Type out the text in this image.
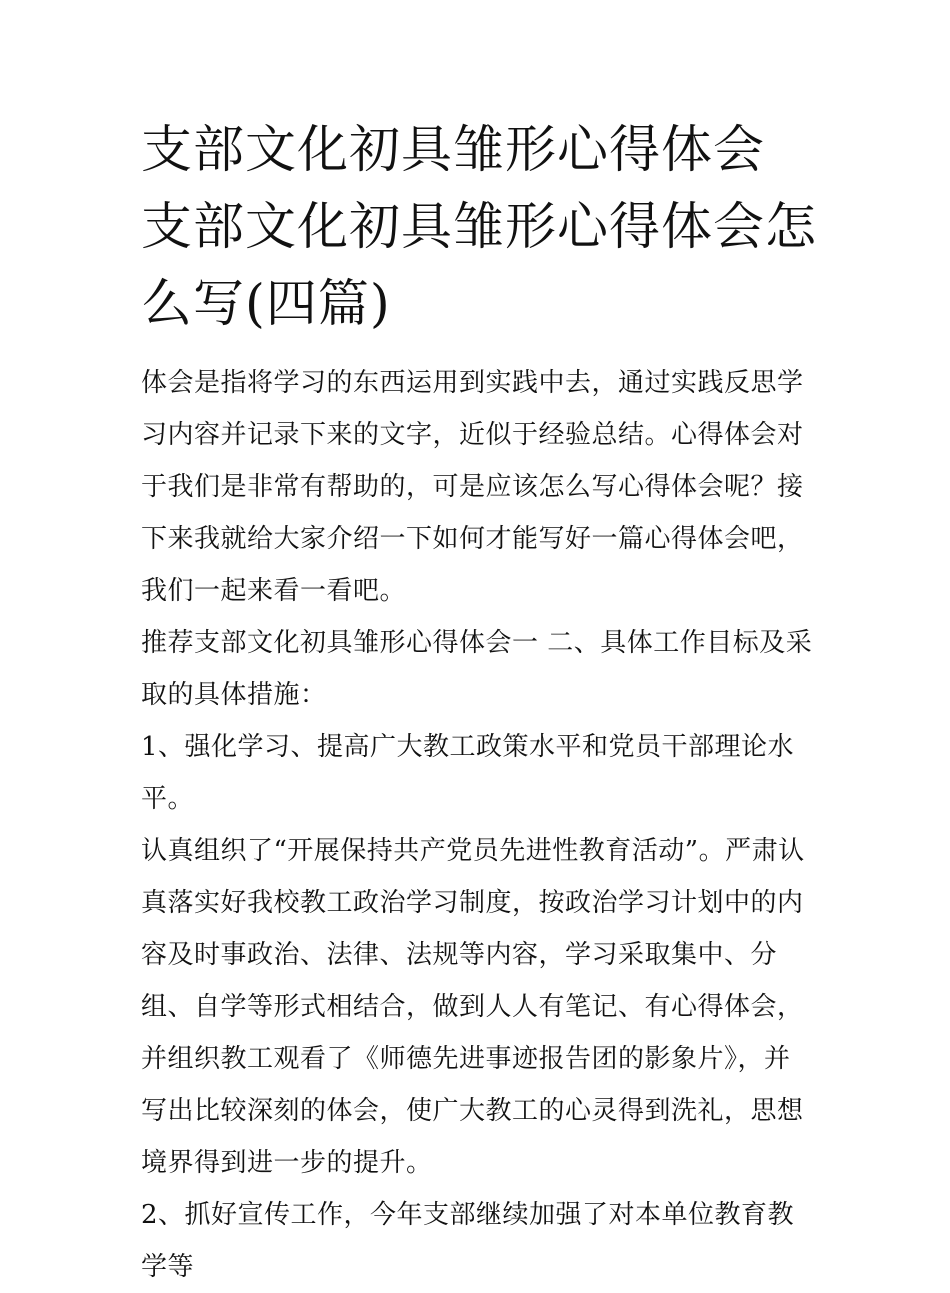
支部文化初具雏形心得体会 支部文化初具雏形心得体会怎么写(四篇)

体会是指将学习的东西运用到实践中去，通过实践反思学习内容并记录下来的文字，近似于经验总结。心得体会对于我们是非常有帮助的，可是应该怎么写心得体会呢？接下来我就给大家介绍一下如何才能写好一篇心得体会吧，我们一起来看一看吧。

推荐支部文化初具雏形心得体会一 二、具体工作目标及采取的具体措施：

1、强化学习、提高广大教工政策水平和党员干部理论水平。

认真组织了“开展保持共产党员先进性教育活动”。严肃认真落实好我校教工政治学习制度，按政治学习计划中的内容及时事政治、法律、法规等内容，学习采取集中、分组、自学等形式相结合，做到人人有笔记、有心得体会，并组织教工观看了《师德先进事迹报告团的影象片》，并写出比较深刻的体会，使广大教工的心灵得到洗礼，思想境界得到进一步的提升。

2、抓好宣传工作，今年支部继续加强了对本单位教育教学等
